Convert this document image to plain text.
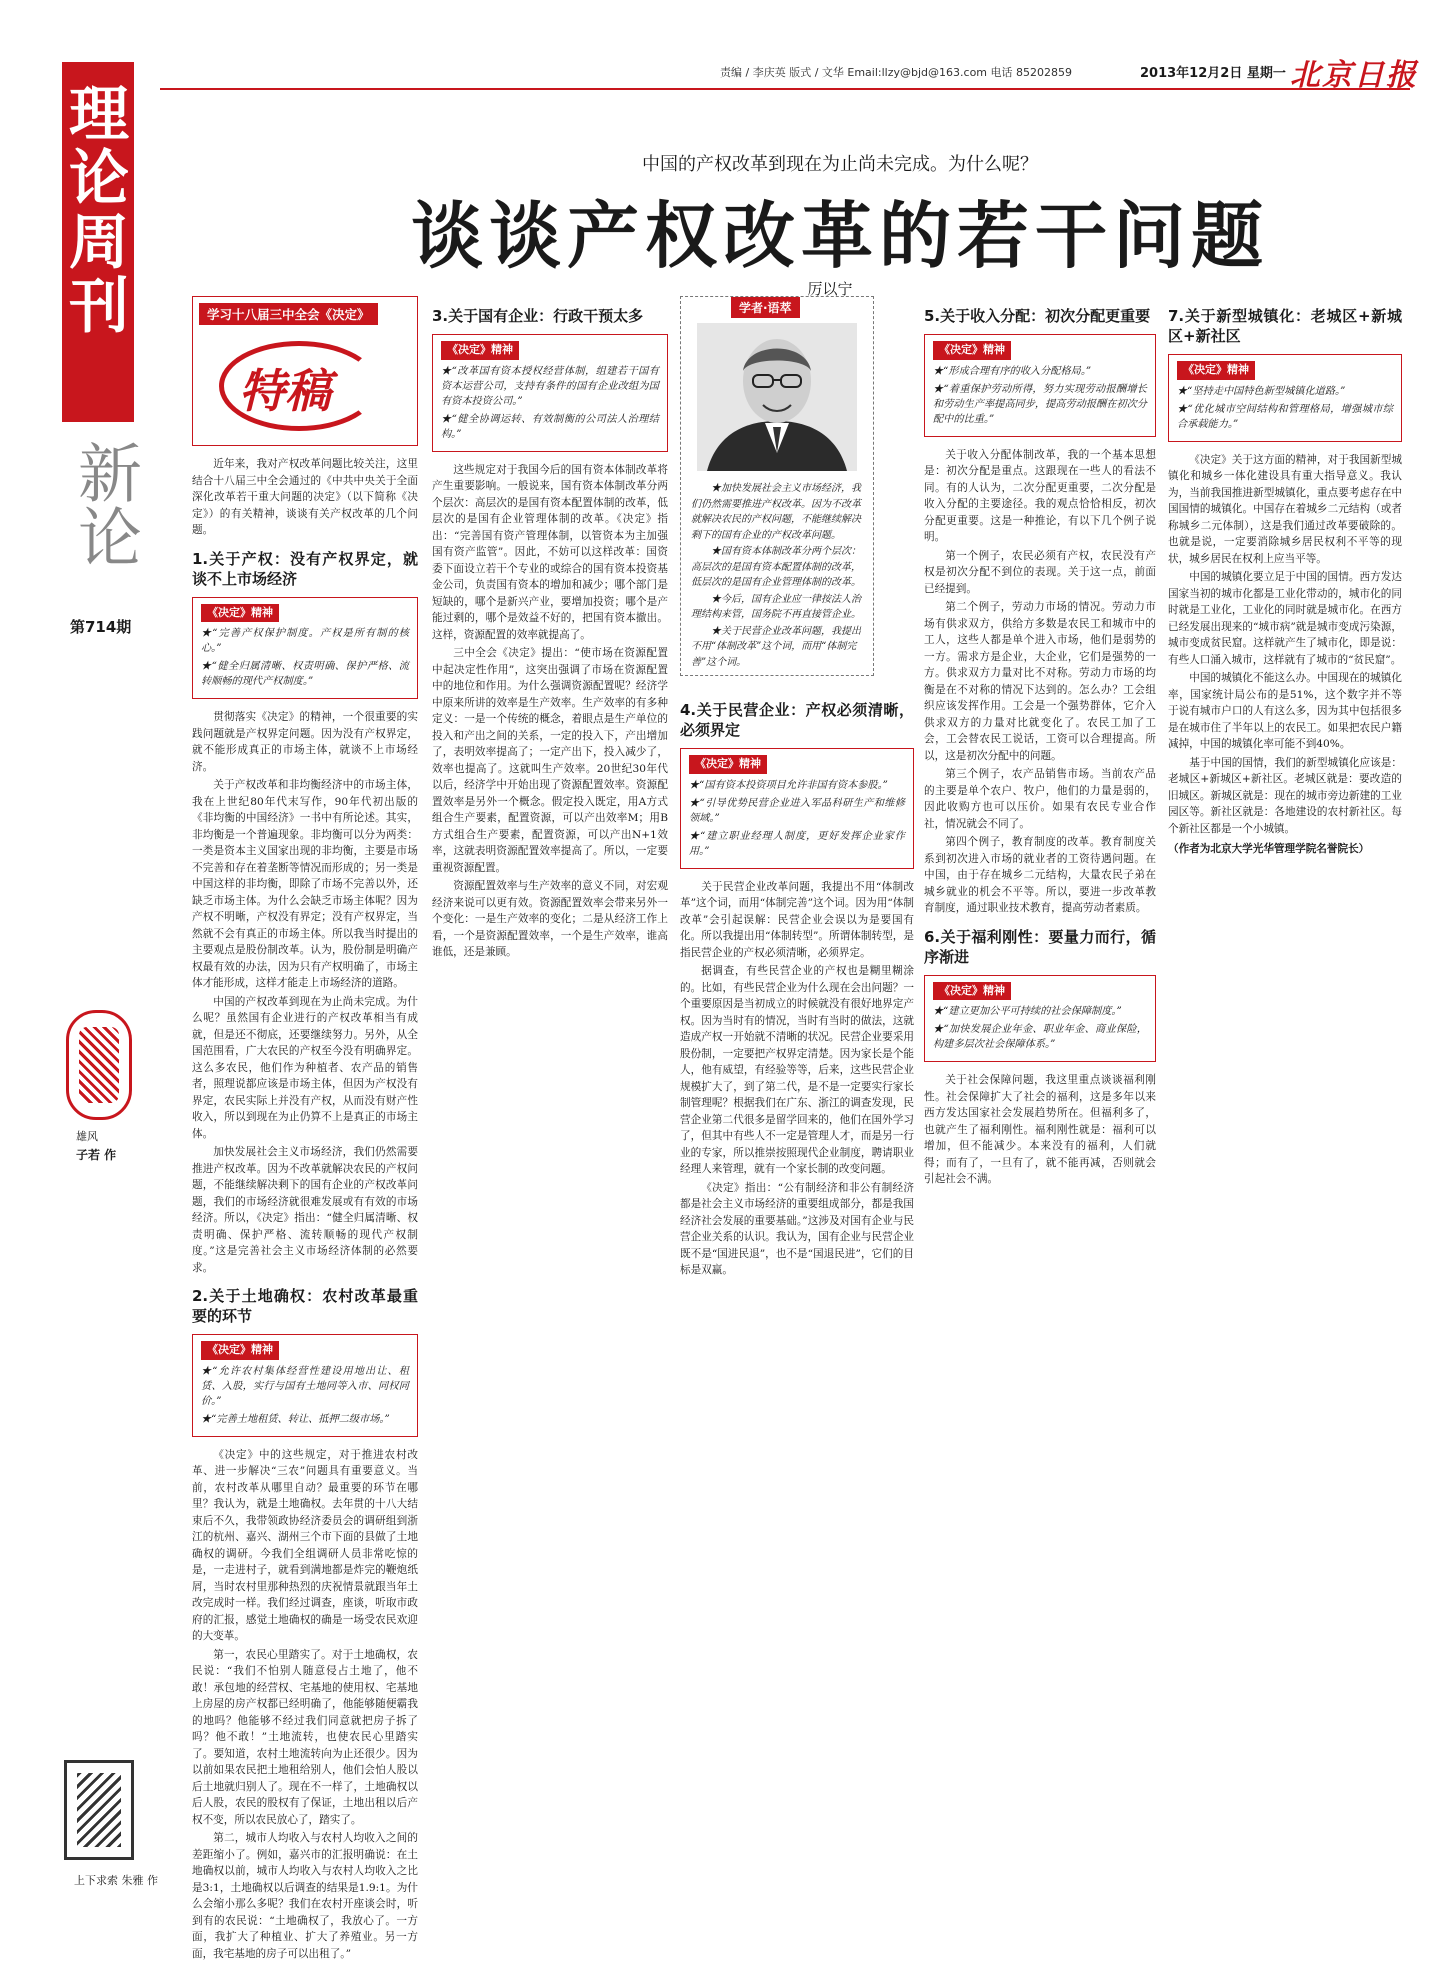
责编 / 李庆英 版式 / 文华 Email:llzy@bjd@163.com 电话 85202859	2013年12月2日 星期一 北京日报
理论周刊
新论
第714期
雄风
子若 作
上下求索 朱雅 作
中国的产权改革到现在为止尚未完成。为什么呢？
谈谈产权改革的若干问题
厉以宁
学习十八届三中全会《决定》
特稿
学者·语萃

★加快发展社会主义市场经济，我们仍然需要推进产权改革。因为不改革就解决农民的产权问题，不能继续解决剩下的国有企业的产权改革问题。

★国有资本体制改革分两个层次：高层次的是国有资本配置体制的改革，低层次的是国有企业管理体制的改革。

★今后，国有企业应一律按法人治理结构来管，国务院不再直接管企业。

★关于民营企业改革问题，我提出不用“体制改革”这个词，而用“体制完善”这个词。

近年来，我对产权改革问题比较关注，这里结合十八届三中全会通过的《中共中央关于全面深化改革若干重大问题的决定》（以下简称《决定》）的有关精神，谈谈有关产权改革的几个问题。

1.关于产权：没有产权界定，就谈不上市场经济
《决定》精神
★“完善产权保护制度。产权是所有制的核心。”
★“健全归属清晰、权责明确、保护严格、流转顺畅的现代产权制度。”

贯彻落实《决定》的精神，一个很重要的实践问题就是产权界定问题。因为没有产权界定，就不能形成真正的市场主体，就谈不上市场经济。

关于产权改革和非均衡经济中的市场主体，我在上世纪80年代末写作，90年代初出版的《非均衡的中国经济》一书中有所论述。其实，非均衡是一个普遍现象。非均衡可以分为两类：一类是资本主义国家出现的非均衡，主要是市场不完善和存在着垄断等情况而形成的；另一类是中国这样的非均衡，即除了市场不完善以外，还缺乏市场主体。为什么会缺乏市场主体呢？因为产权不明晰，产权没有界定；没有产权界定，当然就不会有真正的市场主体。所以我当时提出的主要观点是股份制改革。认为，股份制是明确产权最有效的办法，因为只有产权明确了，市场主体才能形成，这样才能走上市场经济的道路。

中国的产权改革到现在为止尚未完成。为什么呢？虽然国有企业进行的产权改革相当有成就，但是还不彻底，还要继续努力。另外，从全国范围看，广大农民的产权至今没有明确界定。这么多农民，他们作为种植者、农产品的销售者，照理说都应该是市场主体，但因为产权没有界定，农民实际上并没有产权，从而没有财产性收入，所以到现在为止仍算不上是真正的市场主体。

加快发展社会主义市场经济，我们仍然需要推进产权改革。因为不改革就解决农民的产权问题，不能继续解决剩下的国有企业的产权改革问题，我们的市场经济就很难发展或有有效的市场经济。所以，《决定》指出：“健全归属清晰、权责明确、保护严格、流转顺畅的现代产权制度。”这是完善社会主义市场经济体制的必然要求。

2.关于土地确权：农村改革最重要的环节
《决定》精神
★“允许农村集体经营性建设用地出让、租赁、入股，实行与国有土地同等入市、同权同价。”
★“完善土地租赁、转让、抵押二级市场。”

《决定》中的这些规定，对于推进农村改革、进一步解决“三农”问题具有重要意义。当前，农村改革从哪里自动？最重要的环节在哪里？我认为，就是土地确权。去年贯的十八大结束后不久，我带领政协经济委员会的调研组到浙江的杭州、嘉兴、湖州三个市下面的县做了土地确权的调研。今我们全组调研人员非常吃惊的是，一走进村子，就看到满地都是炸完的鞭炮纸屑，当时农村里那种热烈的庆祝情景就跟当年土改完成时一样。我们经过调查，座谈，听取市政府的汇报，感觉土地确权的确是一场受农民欢迎的大变革。

第一，农民心里踏实了。对于土地确权，农民说：“我们不怕别人随意侵占土地了，他不敢！承包地的经营权、宅基地的使用权、宅基地上房屋的房产权都已经明确了，他能够随便霸我的地吗？他能够不经过我们同意就把房子拆了吗？他不敢！”土地流转，也使农民心里踏实了。要知道，农村土地流转向为止还很少。因为以前如果农民把土地租给别人，他们会怕人股以后土地就归别人了。现在不一样了，土地确权以后人股，农民的股权有了保证，土地出租以后产权不变，所以农民放心了，踏实了。

第二，城市人均收入与农村人均收入之间的差距缩小了。例如，嘉兴市的汇报明确说：在土地确权以前，城市人均收入与农村人均收入之比是3:1，土地确权以后调查的结果是1.9:1。为什么会缩小那么多呢？我们在农村开座谈会时，听到有的农民说：“土地确权了，我放心了。一方面，我扩大了种植业、扩大了养殖业。另一方面，我宅基地的房子可以出租了。”

3.关于国有企业：行政干预太多
《决定》精神
★“改革国有资本授权经营体制，组建若干国有资本运营公司，支持有条件的国有企业改组为国有资本投资公司。”
★“健全协调运转、有效制衡的公司法人治理结构。”

这些规定对于我国今后的国有资本体制改革将产生重要影响。一般说来，国有资本体制改革分两个层次：高层次的是国有资本配置体制的改革，低层次的是国有企业管理体制的改革。《决定》指出：“完善国有资产管理体制，以管资本为主加强国有资产监管”。因此，不妨可以这样改革：国资委下面设立若干个专业的或综合的国有资本投资基金公司，负责国有资本的增加和减少；哪个部门是短缺的，哪个是新兴产业，要增加投资；哪个是产能过剩的，哪个是效益不好的，把国有资本撤出。这样，资源配置的效率就提高了。

三中全会《决定》提出：“使市场在资源配置中起决定性作用”，这突出强调了市场在资源配置中的地位和作用。为什么强调资源配置呢？经济学中原来所讲的效率是生产效率。生产效率的有多种定义：一是一个传统的概念，着眼点是生产单位的投入和产出之间的关系，一定的投入下，产出增加了，表明效率提高了；一定产出下，投入减少了，效率也提高了。这就叫生产效率。20世纪30年代以后，经济学中开始出现了资源配置效率。资源配置效率是另外一个概念。假定投入既定，用A方式组合生产要素，配置资源，可以产出效率M；用B方式组合生产要素，配置资源，可以产出N+1效率，这就表明资源配置效率提高了。所以，一定要重视资源配置。

资源配置效率与生产效率的意义不同，对宏观经济来说可以更有效。资源配置效率会带来另外一个变化：一是生产效率的变化；二是从经济工作上看，一个是资源配置效率，一个是生产效率，谁高谁低，还是兼顾。

4.关于民营企业：产权必须清晰，必须界定
《决定》精神
★“国有资本投资项目允许非国有资本参股。”
★“引导优势民营企业进入军品科研生产和维修领域。”
★“建立职业经理人制度，更好发挥企业家作用。”

关于民营企业改革问题，我提出不用“体制改革”这个词，而用“体制完善”这个词。因为用“体制改革”会引起误解：民营企业会误以为是要国有化。所以我提出用“体制转型”。所谓体制转型，是指民营企业的产权必须清晰，必须界定。

据调查，有些民营企业的产权也是糊里糊涂的。比如，有些民营企业为什么现在会出问题？一个重要原因是当初成立的时候就没有很好地界定产权。因为当时有的情况，当时有当时的做法，这就造成产权一开始就不清晰的状况。民营企业要采用股份制，一定要把产权界定清楚。因为家长是个能人，他有威望，有经验等等，后来，这些民营企业规模扩大了，到了第二代，是不是一定要实行家长制管理呢？根据我们在广东、浙江的调查发现，民营企业第二代很多是留学回来的，他们在国外学习了，但其中有些人不一定是管理人才，而是另一行业的专家，所以推崇按照现代企业制度，聘请职业经理人来管理，就有一个家长制的改变问题。

《决定》指出：“公有制经济和非公有制经济都是社会主义市场经济的重要组成部分，都是我国经济社会发展的重要基础。”这涉及对国有企业与民营企业关系的认识。我认为，国有企业与民营企业既不是“国进民退”，也不是“国退民进”，它们的目标是双赢。

5.关于收入分配：初次分配更重要
《决定》精神
★“形成合理有序的收入分配格局。”
★“着重保护劳动所得，努力实现劳动报酬增长和劳动生产率提高同步，提高劳动报酬在初次分配中的比重。”

关于收入分配体制改革，我的一个基本思想是：初次分配是重点。这跟现在一些人的看法不同。有的人认为，二次分配更重要，二次分配是收入分配的主要途径。我的观点恰恰相反，初次分配更重要。这是一种推论，有以下几个例子说明。

第一个例子，农民必须有产权，农民没有产权是初次分配不到位的表现。关于这一点，前面已经提到。

第二个例子，劳动力市场的情况。劳动力市场有供求双方，供给方多数是农民工和城市中的工人，这些人都是单个进入市场，他们是弱势的一方。需求方是企业，大企业，它们是强势的一方。供求双方力量对比不对称。劳动力市场的均衡是在不对称的情况下达到的。怎么办？工会组织应该发挥作用。工会是一个强势群体，它介入供求双方的力量对比就变化了。农民工加了工会，工会替农民工说话，工资可以合理提高。所以，这是初次分配中的问题。

第三个例子，农产品销售市场。当前农产品的主要是单个农户、牧户，他们的力量是弱的，因此收购方也可以压价。如果有农民专业合作社，情况就会不同了。

第四个例子，教育制度的改革。教育制度关系到初次进入市场的就业者的工资待遇问题。在中国，由于存在城乡二元结构，大量农民子弟在城乡就业的机会不平等。所以，要进一步改革教育制度，通过职业技术教育，提高劳动者素质。

6.关于福利刚性：要量力而行，循序渐进
《决定》精神
★“建立更加公平可持续的社会保障制度。”
★“加快发展企业年金、职业年金、商业保险，构建多层次社会保障体系。”

关于社会保障问题，我这里重点谈谈福利刚性。社会保障扩大了社会的福利，这是多年以来西方发达国家社会发展趋势所在。但福利多了，也就产生了福利刚性。福利刚性就是：福利可以增加，但不能减少。本来没有的福利，人们就得；而有了，一旦有了，就不能再减，否则就会引起社会不满。

7.关于新型城镇化：老城区+新城区+新社区
《决定》精神
★“坚持走中国特色新型城镇化道路。”
★“优化城市空间结构和管理格局，增强城市综合承载能力。”

《决定》关于这方面的精神，对于我国新型城镇化和城乡一体化建设具有重大指导意义。我认为，当前我国推进新型城镇化，重点要考虑存在中国国情的城镇化。中国存在着城乡二元结构（或者称城乡二元体制），这是我们通过改革要破除的。也就是说，一定要消除城乡居民权利不平等的现状，城乡居民在权利上应当平等。

中国的城镇化要立足于中国的国情。西方发达国家当初的城市化都是工业化带动的，城市化的同时就是工业化，工业化的同时就是城市化。在西方已经发展出现来的“城市病”就是城市变成污染源，城市变成贫民窟。这样就产生了城市化，即是说：有些人口涌入城市，这样就有了城市的“贫民窟”。

中国的城镇化不能这么办。中国现在的城镇化率，国家统计局公布的是51%，这个数字并不等于说有城市户口的人有这么多，因为其中包括很多是在城市住了半年以上的农民工。如果把农民户籍减掉，中国的城镇化率可能不到40%。

基于中国的国情，我们的新型城镇化应该是：老城区+新城区+新社区。老城区就是：要改造的旧城区。新城区就是：现在的城市旁边新建的工业园区等。新社区就是：各地建设的农村新社区。每个新社区都是一个小城镇。

（作者为北京大学光华管理学院名誉院长）
